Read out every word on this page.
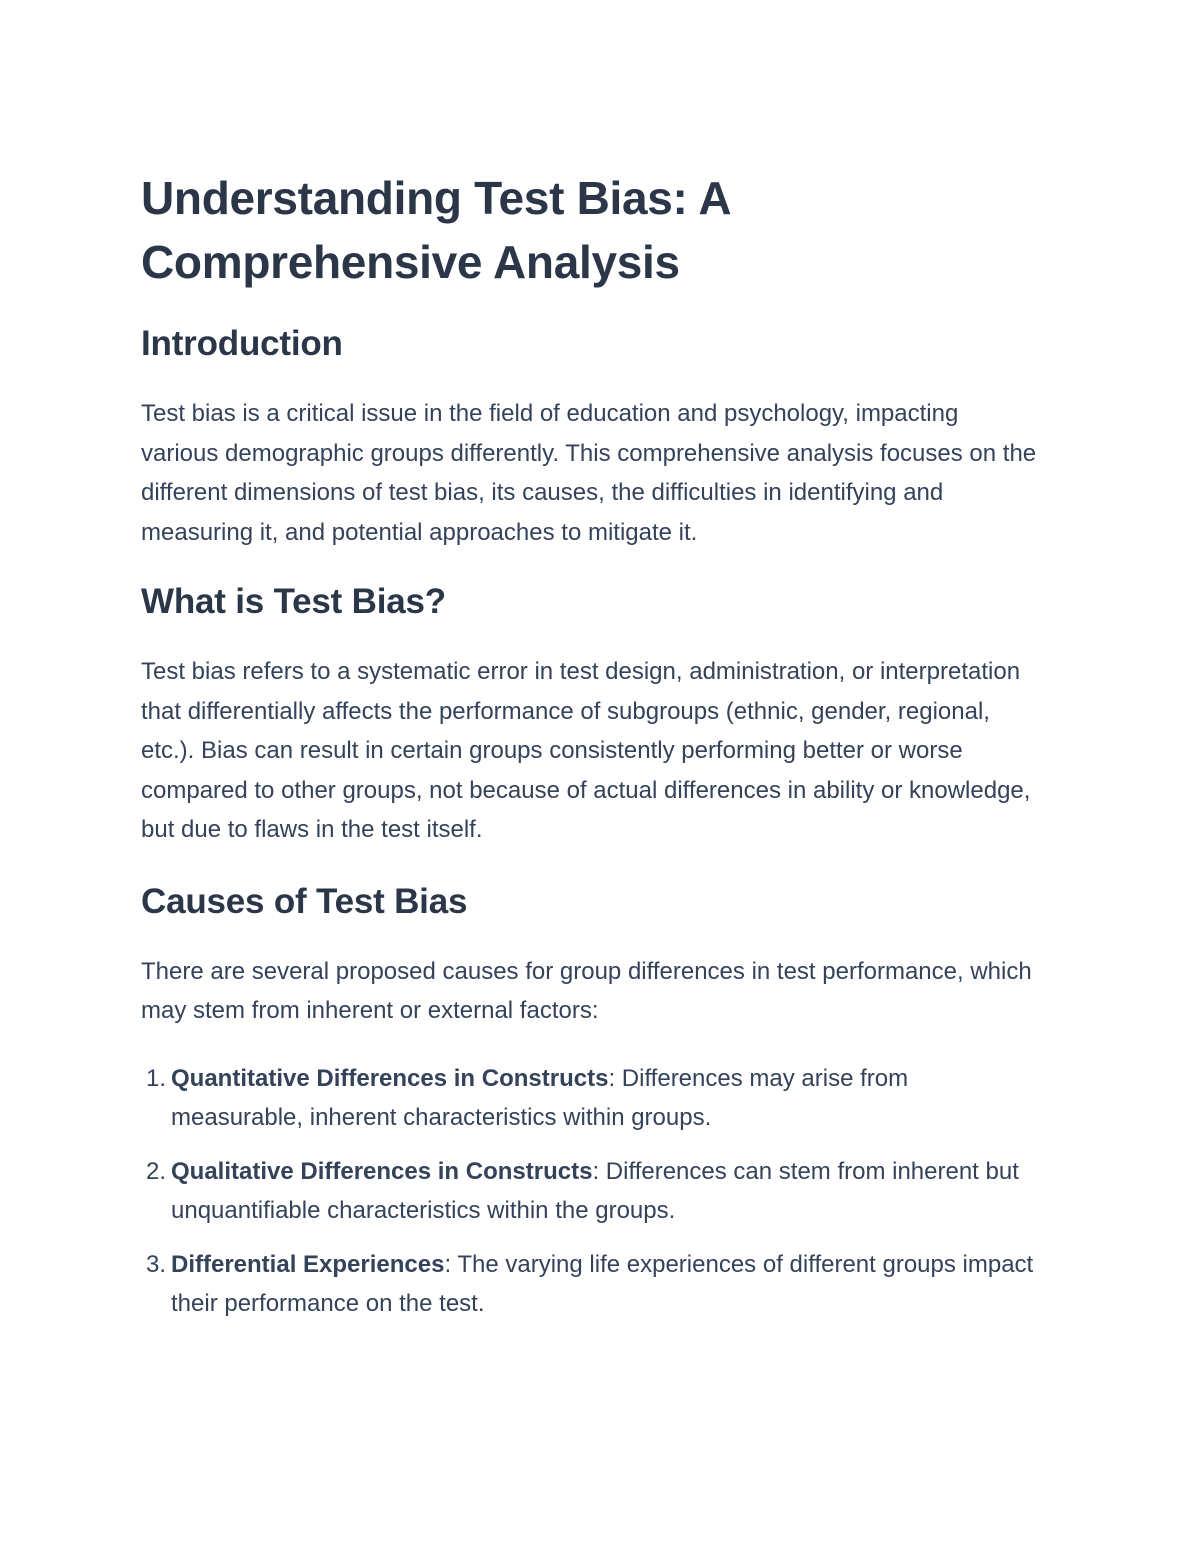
Understanding Test Bias: A Comprehensive Analysis
Introduction

Test bias is a critical issue in the field of education and psychology, impacting various demographic groups differently. This comprehensive analysis focuses on the different dimensions of test bias, its causes, the difficulties in identifying and measuring it, and potential approaches to mitigate it.

What is Test Bias?

Test bias refers to a systematic error in test design, administration, or interpretation that differentially affects the performance of subgroups (ethnic, gender, regional, etc.). Bias can result in certain groups consistently performing better or worse compared to other groups, not because of actual differences in ability or knowledge, but due to flaws in the test itself.

Causes of Test Bias

There are several proposed causes for group differences in test performance, which may stem from inherent or external factors:

1. Quantitative Differences in Constructs: Differences may arise from measurable, inherent characteristics within groups.
2. Qualitative Differences in Constructs: Differences can stem from inherent but unquantifiable characteristics within the groups.
3. Differential Experiences: The varying life experiences of different groups impact their performance on the test.
